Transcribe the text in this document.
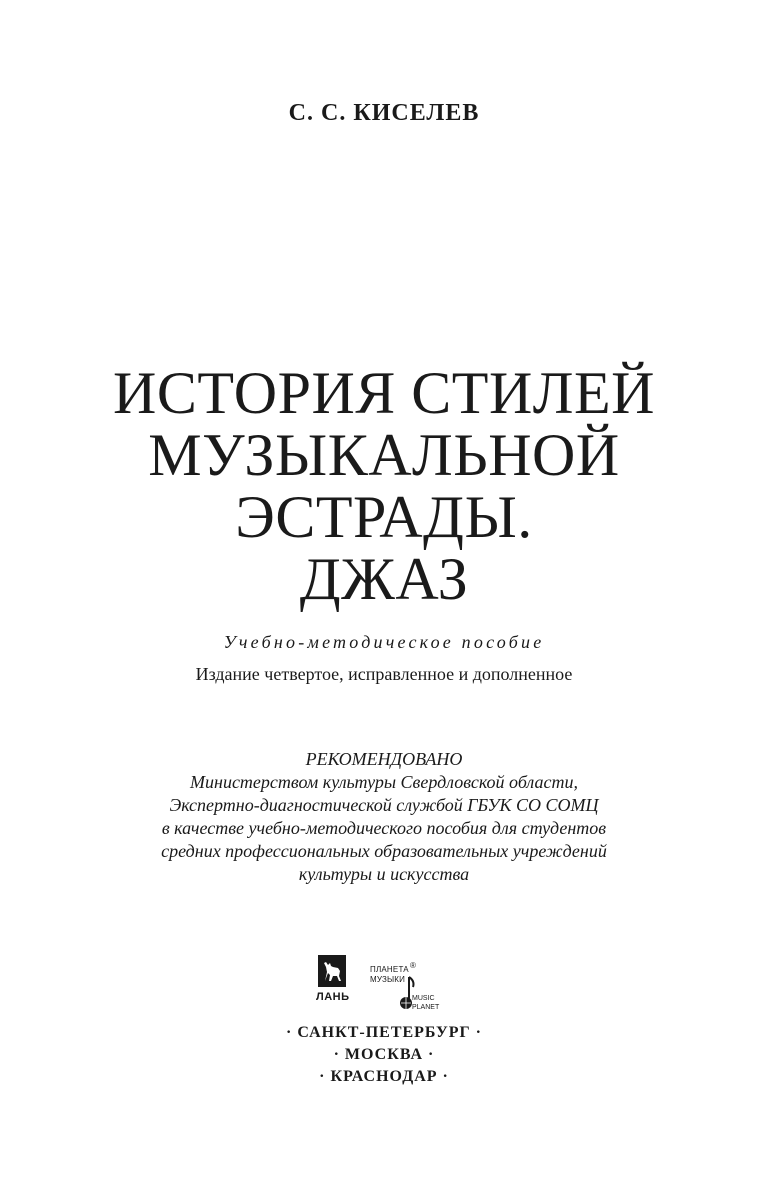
С. С. КИСЕЛЕВ
ИСТОРИЯ СТИЛЕЙ
МУЗЫКАЛЬНОЙ
ЭСТРАДЫ.
ДЖАЗ
Учебно-методическое пособие
Издание четвертое, исправленное и дополненное
РЕКОМЕНДОВАНО
Министерством культуры Свердловской области,
Экспертно-диагностической службой ГБУК СО СОМЦ
в качестве учебно-методического пособия для студентов
средних профессиональных образовательных учреждений
культуры и искусства
ЛАНЬ
ПЛАНЕТА
МУЗЫКИ
®
MUSIC
PLANET
· САНКТ-ПЕТЕРБУРГ ·
· МОСКВА ·
· КРАСНОДАР ·
